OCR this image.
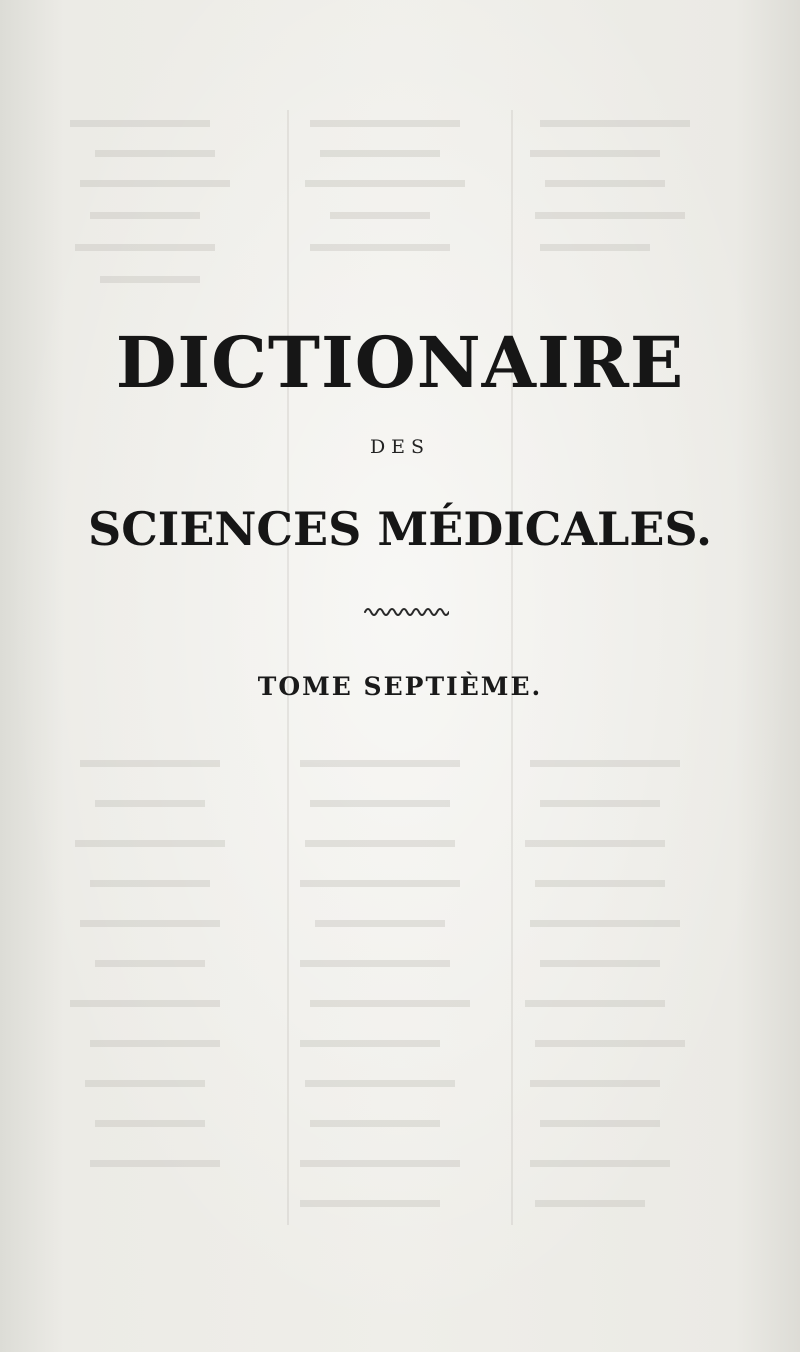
DICTIONAIRE
DES
SCIENCES MÉDICALES.
TOME SEPTIÈME.
